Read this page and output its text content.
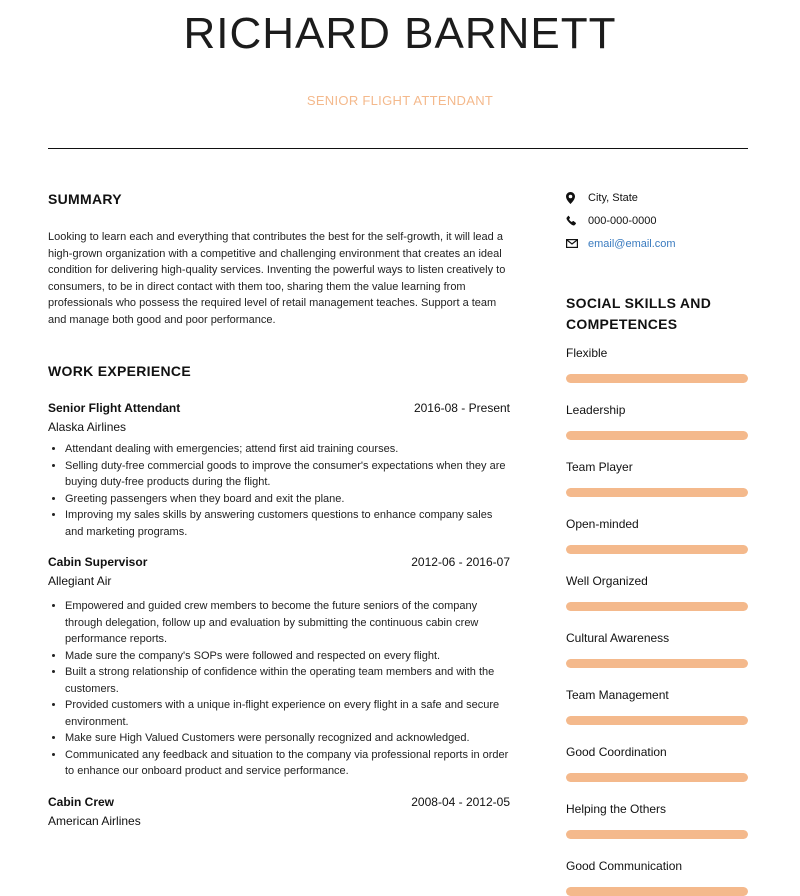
RICHARD BARNETT
SENIOR FLIGHT ATTENDANT
SUMMARY
Looking to learn each and everything that contributes the best for the self-growth, it will lead a high-grown organization with a competitive and challenging environment that creates an ideal condition for delivering high-quality services. Inventing the powerful ways to listen creatively to consumers, to be in direct contact with them too, sharing them the value learning from professionals who possess the required level of retail management teaches. Support a team and manage both good and poor performance.
WORK EXPERIENCE
Senior Flight Attendant	2016-08 - Present
Alaska Airlines
• Attendant dealing with emergencies; attend first aid training courses.
• Selling duty-free commercial goods to improve the consumer's expectations when they are buying duty-free products during the flight.
• Greeting passengers when they board and exit the plane.
• Improving my sales skills by answering customers questions to enhance company sales and marketing programs.
Cabin Supervisor	2012-06 - 2016-07
Allegiant Air
• Empowered and guided crew members to become the future seniors of the company through delegation, follow up and evaluation by submitting the continuous cabin crew performance reports.
• Made sure the company's SOPs were followed and respected on every flight.
• Built a strong relationship of confidence within the operating team members and with the customers.
• Provided customers with a unique in-flight experience on every flight in a safe and secure environment.
• Make sure High Valued Customers were personally recognized and acknowledged.
• Communicated any feedback and situation to the company via professional reports in order to enhance our onboard product and service performance.
Cabin Crew	2008-04 - 2012-05
American Airlines
City, State
000-000-0000
email@email.com
SOCIAL SKILLS AND
COMPETENCES
Flexible
Leadership
Team Player
Open-minded
Well Organized
Cultural Awareness
Team Management
Good Coordination
Helping the Others
Good Communication
